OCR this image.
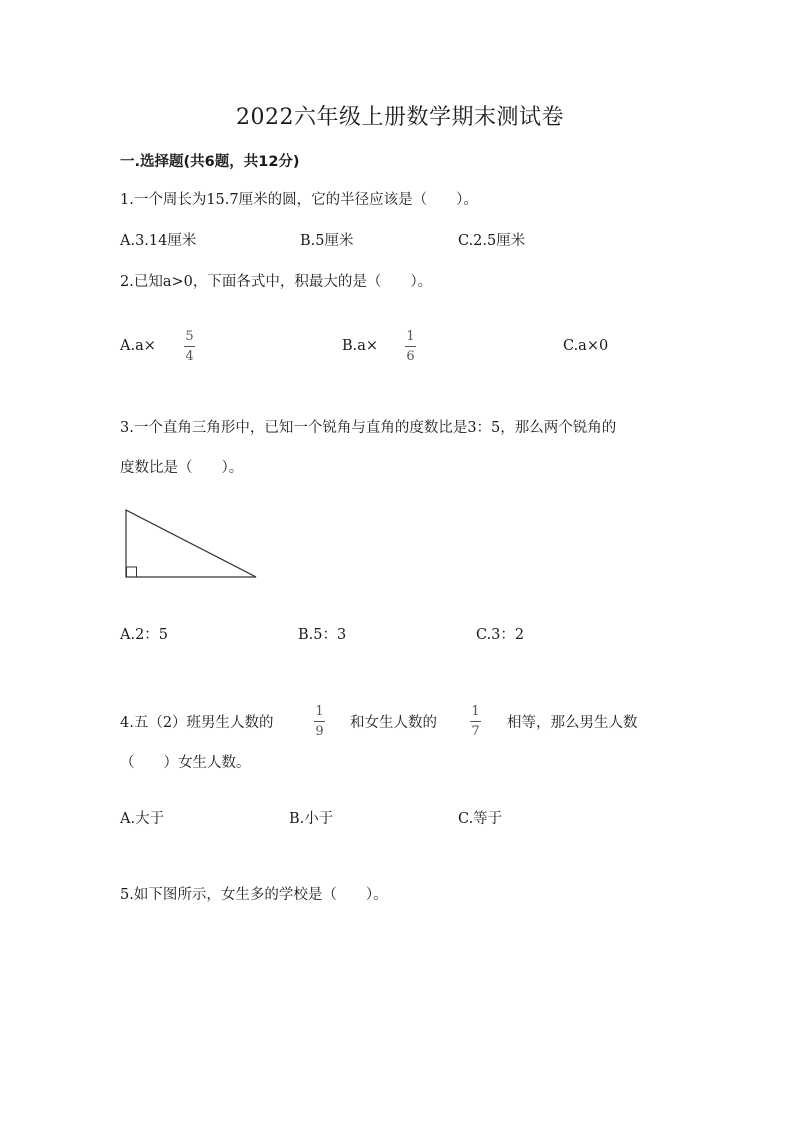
2022六年级上册数学期末测试卷
一.选择题(共6题，共12分)
1.一个周长为15.7厘米的圆，它的半径应该是（　　）。
A.3.14厘米	B.5厘米	C.2.5厘米
2.已知a>0，下面各式中，积最大的是（　　）。
A.a×
5
4
B.a×
1
6
C.a×0
3.一个直角三角形中，已知一个锐角与直角的度数比是3：5，那么两个锐角的
度数比是（　　）。
A.2：5	B.5：3	C.3：2
4.五（2）班男生人数的
1
9
和女生人数的
1
7
相等，那么男生人数
（　　）女生人数。
A.大于	B.小于	C.等于
5.如下图所示，女生多的学校是（　　）。
